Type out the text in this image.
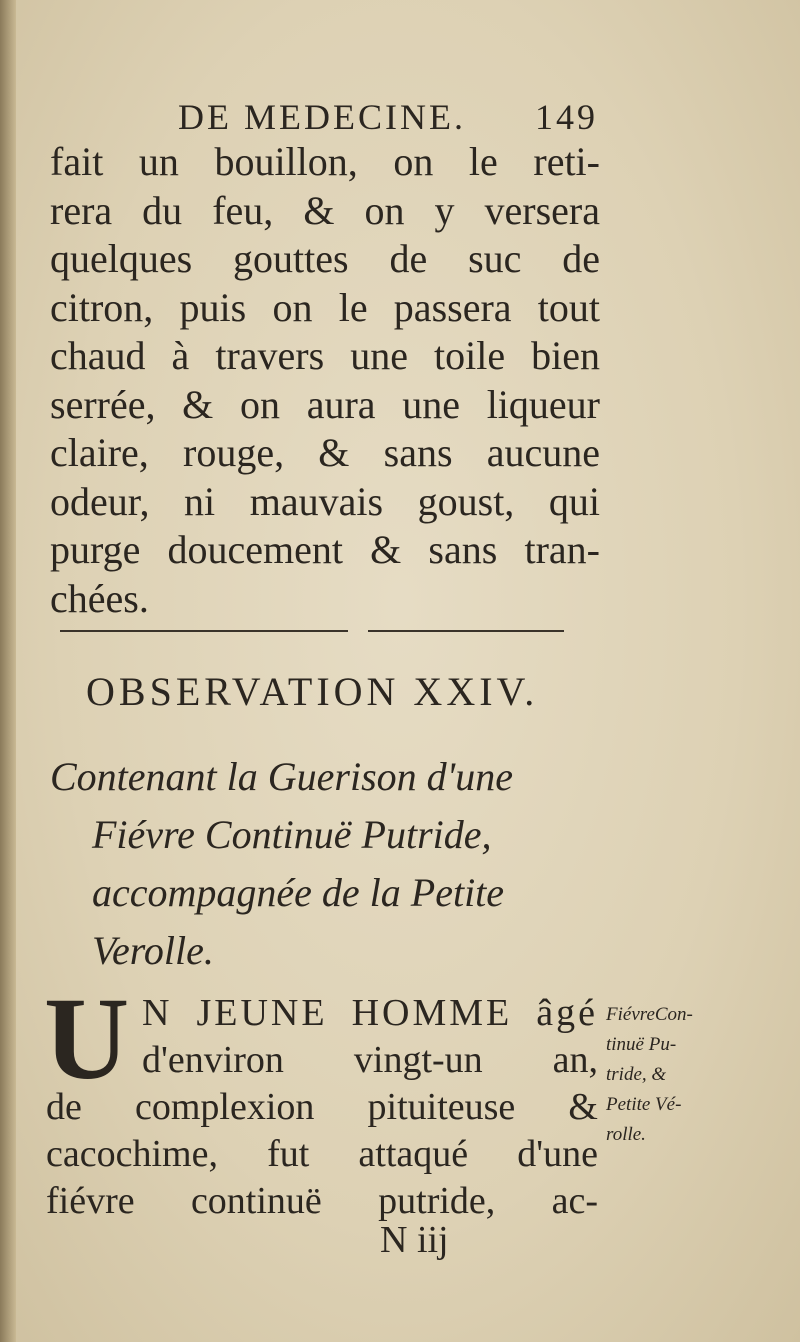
DE MEDECINE. 149
fait un bouillon, on le reti-
rera du feu, & on y versera
quelques gouttes de suc de
citron, puis on le passera tout
chaud à travers une toile bien
serrée, & on aura une liqueur
claire, rouge, & sans aucune
odeur, ni mauvais goust, qui
purge doucement & sans tran-
chées.
OBSERVATION XXIV.
Contenant la Guerison d'une
Fiévre Continuë Putride,
accompagnée de la Petite
Verolle.
U N JEUNE HOMME âgé
d'environ vingt-un an,
de complexion pituiteuse &
cacochime, fut attaqué d'une
fiévre continuë putride, ac-
N iij
FiévreCon-
tinuë Pu-
tride, &
Petite Vé-
rolle.
